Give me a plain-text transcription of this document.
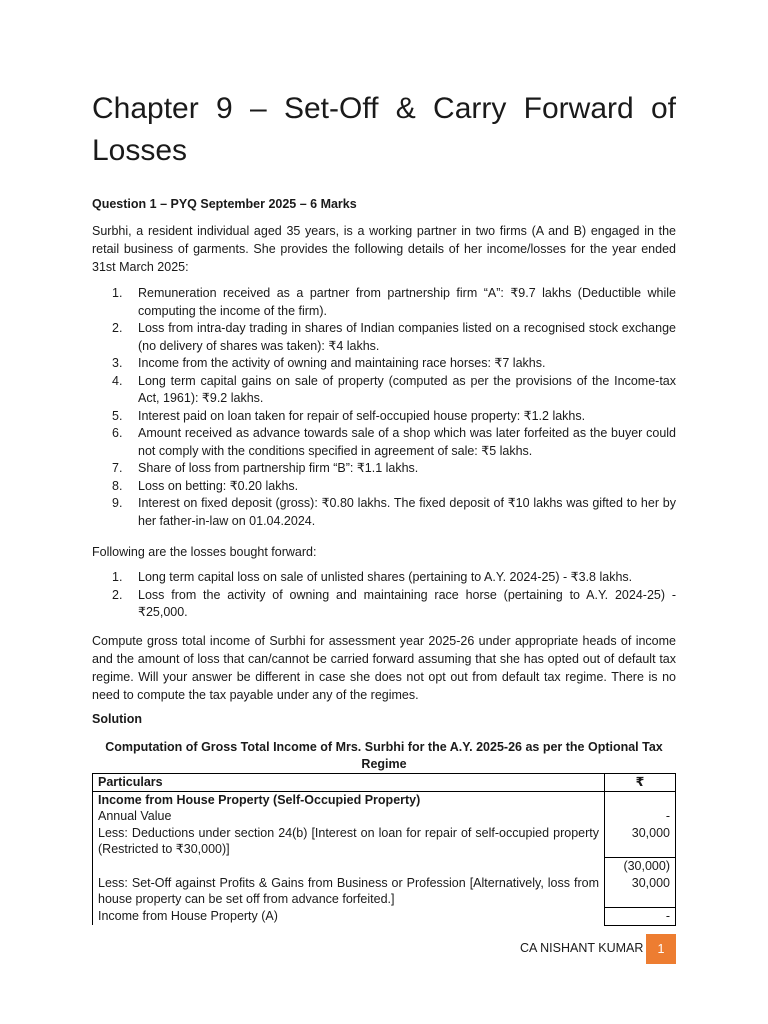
Chapter 9 – Set-Off & Carry Forward of Losses

Question 1 – PYQ September 2025 – 6 Marks

Surbhi, a resident individual aged 35 years, is a working partner in two firms (A and B) engaged in the retail business of garments. She provides the following details of her income/losses for the year ended 31st March 2025:

1. Remuneration received as a partner from partnership firm “A”: ₹9.7 lakhs (Deductible while computing the income of the firm).
2. Loss from intra-day trading in shares of Indian companies listed on a recognised stock exchange (no delivery of shares was taken): ₹4 lakhs.
3. Income from the activity of owning and maintaining race horses: ₹7 lakhs.
4. Long term capital gains on sale of property (computed as per the provisions of the Income-tax Act, 1961): ₹9.2 lakhs.
5. Interest paid on loan taken for repair of self-occupied house property: ₹1.2 lakhs.
6. Amount received as advance towards sale of a shop which was later forfeited as the buyer could not comply with the conditions specified in agreement of sale: ₹5 lakhs.
7. Share of loss from partnership firm “B”: ₹1.1 lakhs.
8. Loss on betting: ₹0.20 lakhs.
9. Interest on fixed deposit (gross): ₹0.80 lakhs. The fixed deposit of ₹10 lakhs was gifted to her by her father-in-law on 01.04.2024.

Following are the losses bought forward:

1. Long term capital loss on sale of unlisted shares (pertaining to A.Y. 2024-25) - ₹3.8 lakhs.
2. Loss from the activity of owning and maintaining race horse (pertaining to A.Y. 2024-25) - ₹25,000.

Compute gross total income of Surbhi for assessment year 2025-26 under appropriate heads of income and the amount of loss that can/cannot be carried forward assuming that she has opted out of default tax regime. Will your answer be different in case she does not opt out from default tax regime. There is no need to compute the tax payable under any of the regimes.

Solution

Computation of Gross Total Income of Mrs. Surbhi for the A.Y. 2025-26 as per the Optional Tax Regime

Particulars	₹
Income from House Property (Self-Occupied Property)	
Annual Value	-
Less: Deductions under section 24(b) [Interest on loan for repair of self-occupied property (Restricted to ₹30,000)]	30,000
	(30,000)
Less: Set-Off against Profits & Gains from Business or Profession [Alternatively, loss from house property can be set off from advance forfeited.]	30,000
Income from House Property (A)	-
CA NISHANT KUMAR	1
